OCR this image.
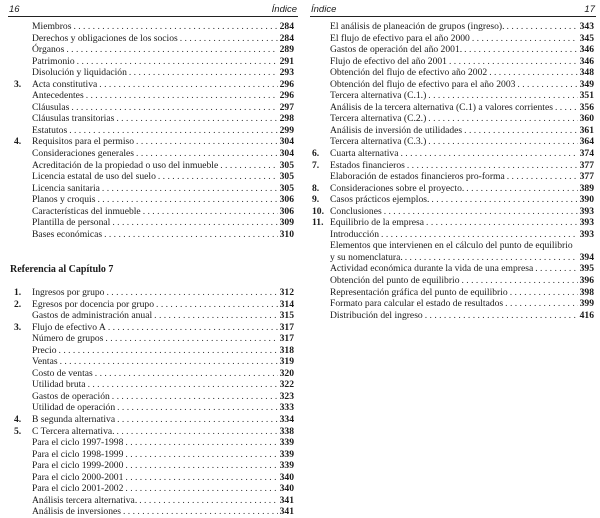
16	Índice
Miembros . . .	284
Derechos y obligaciones de los socios . . .	284
Órganos . . .	289
Patrimonio . . .	291
Disolución y liquidación . . .	293
3.	Acta constitutiva . . .	296
Antecedentes . . .	296
Cláusulas . . .	297
Cláusulas transitorias . . .	298
Estatutos . . .	299
4.	Requisitos para el permiso . . .	304
Consideraciones generales . . .	304
Acreditación de la propiedad o uso del inmueble . . .	305
Licencia estatal de uso del suelo . . .	305
Licencia sanitaria . . .	305
Planos y croquis . . .	306
Características del inmueble . . .	306
Plantilla de personal . . .	309
Bases económicas . . .	310
Referencia al Capítulo 7
1.	Ingresos por grupo . . .	312
2.	Egresos por docencia por grupo . . .	314
Gastos de administración anual . . .	315
3.	Flujo de efectivo A . . .	317
Número de grupos . . .	317
Precio . . .	318
Ventas . . .	319
Costo de ventas . . .	320
Utilidad bruta . . .	322
Gastos de operación . . .	323
Utilidad de operación . . .	333
4.	B segunda alternativa . . .	334
5.	C Tercera alternativa. . . .	338
Para el ciclo 1997-1998 . . .	339
Para el ciclo 1998-1999 . . .	339
Para el ciclo 1999-2000 . . .	339
Para el ciclo 2000-2001 . . .	340
Para el ciclo 2001-2002 . . .	340
Análisis tercera alternativa. . . .	341
Análisis de inversiones . . .	341
Índice	17
El análisis de planeación de grupos (ingreso). . . .	343
El flujo de efectivo para el año 2000 . . .	345
Gastos de operación del año 2001. . . .	346
Flujo de efectivo del año 2001 . . .	346
Obtención del flujo de efectivo año 2002 . . .	348
Obtención del flujo de efectivo para el año 2003 . . .	349
Tercera alternativa (C.1.) . . .	351
Análisis de la tercera alternativa (C.1) a valores corrientes . . .	356
Tercera alternativa (C.2.) . . .	360
Análisis de inversión de utilidades . . .	361
Tercera alternativa (C.3.) . . .	364
6.	Cuarta alternativa . . .	374
7.	Estados financieros . . .	377
Elaboración de estados financieros pro-forma . . .	377
8.	Consideraciones sobre el proyecto. . . .	389
9.	Casos prácticos ejemplos. . . .	390
10. Conclusiones . . .	393
11. Equilibrio de la empresa . . .	393
Introducción . . .	393
Elementos que intervienen en el cálculo del punto de equilibrio
y su nomenclatura. . . .	394
Actividad económica durante la vida de una empresa . . .	395
Obtención del punto de equilibrio . . .	396
Representación gráfica del punto de equilibrio . . .	398
Formato para calcular el estado de resultados . . .	399
Distribución del ingreso . . .	416
